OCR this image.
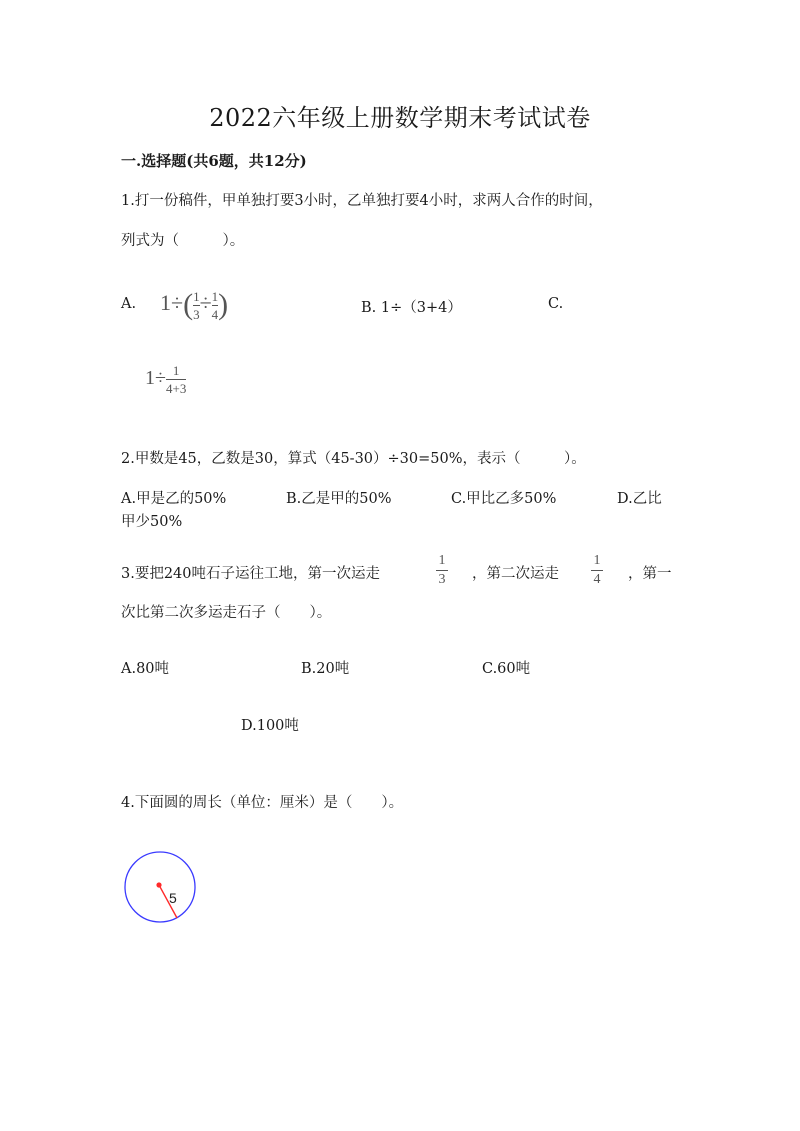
2022六年级上册数学期末考试试卷
一.选择题(共6题，共12分)
1.打一份稿件，甲单独打要3小时，乙单独打要4小时，求两人合作的时间，
列式为（　　　）。
A. $1\div( \frac{1}{3} \div \frac{1}{4}$ )	B. 1÷（3+4）	C.
$1\div \frac{1}{4+3}$
2.甲数是45，乙数是30，算式（45-30）÷30=50%，表示（　　　）。
A.甲是乙的50%	B.乙是甲的50%	C.甲比乙多50%	D.乙比
甲少50%
3.要把240吨石子运往工地，第一次运走	$\frac{1}{3}$ ，第二次运走 $\frac{1}{4}$ ，第一
次比第二次多运走石子（　　）。
A.80吨	B.20吨	C.60吨
D.100吨
4.下面圆的周长（单位：厘米）是（　　）。
5
